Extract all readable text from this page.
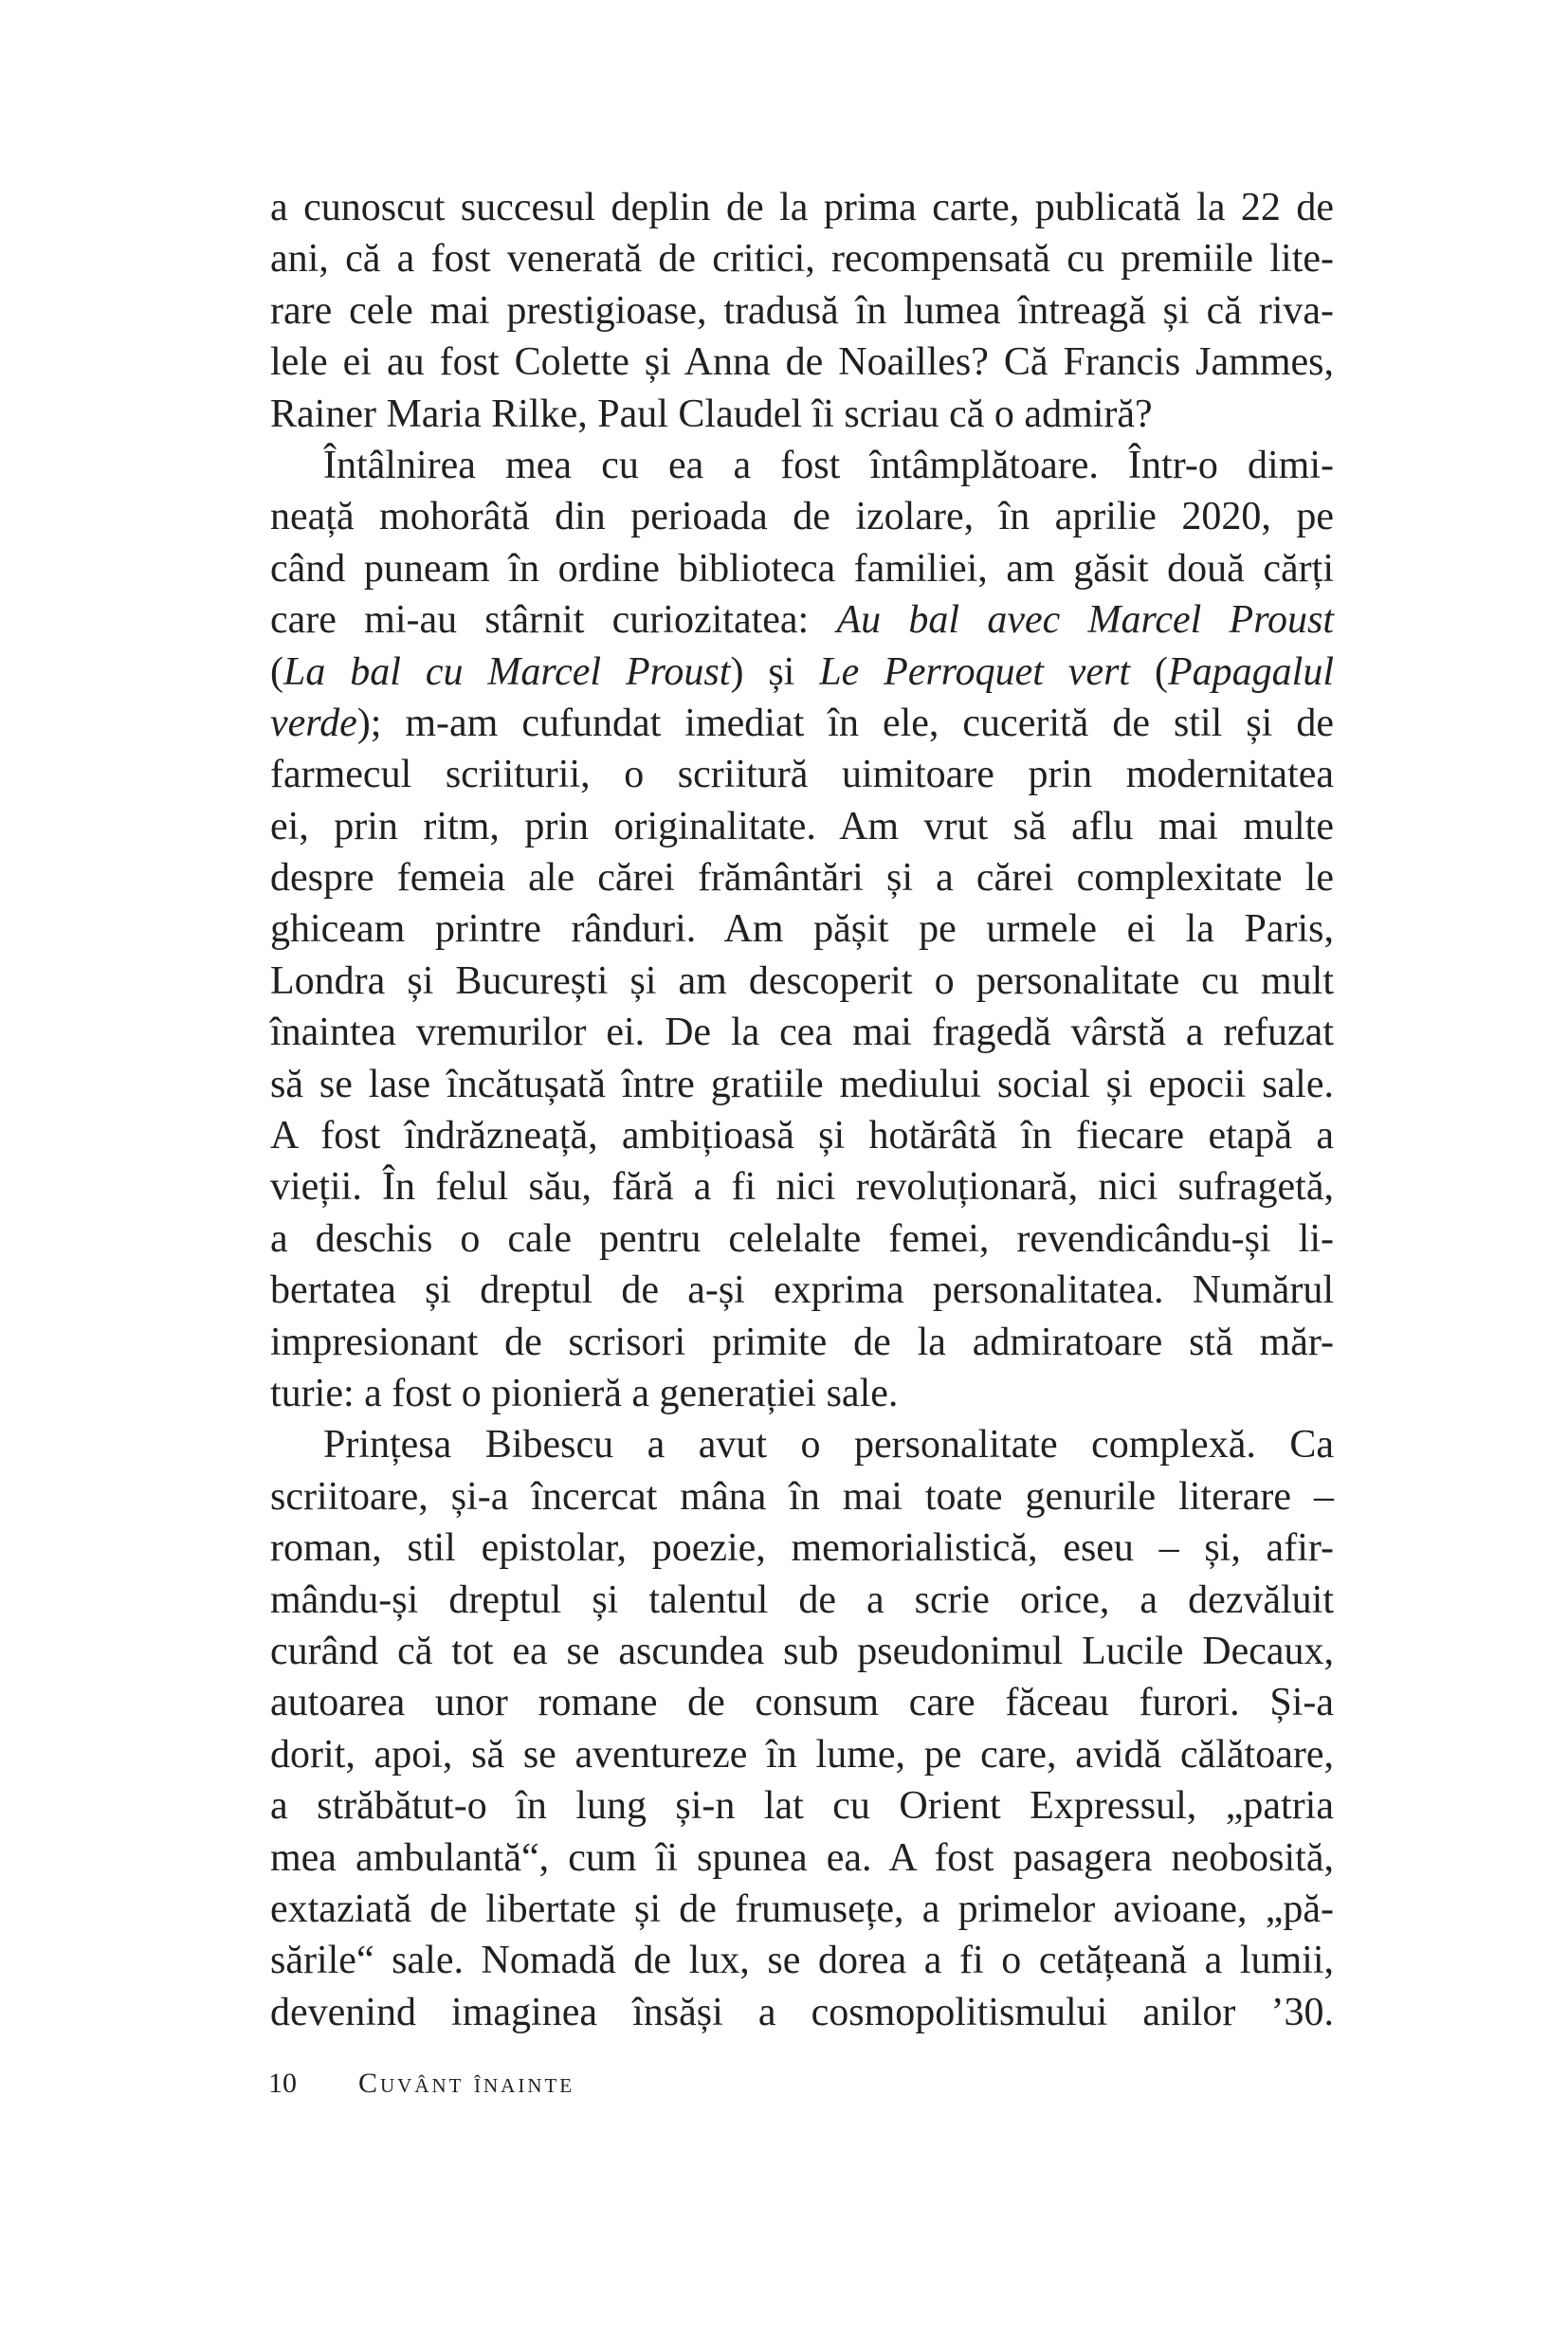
a cunoscut succesul deplin de la prima carte, publicată la 22 de
ani, că a fost venerată de critici, recompensată cu premiile lite-
rare cele mai prestigioase, tradusă în lumea întreagă și că riva-
lele ei au fost Colette și Anna de Noailles? Că Francis Jammes,
Rainer Maria Rilke, Paul Claudel îi scriau că o admiră?
Întâlnirea mea cu ea a fost întâmplătoare. Într-o dimi-
neață mohorâtă din perioada de izolare, în aprilie 2020, pe
când puneam în ordine biblioteca familiei, am găsit două cărți
care mi-au stârnit curiozitatea: Au bal avec Marcel Proust
(La bal cu Marcel Proust) și Le Perroquet vert (Papagalul
verde); m-am cufundat imediat în ele, cucerită de stil și de
farmecul scriiturii, o scriitură uimitoare prin modernitatea
ei, prin ritm, prin originalitate. Am vrut să aflu mai multe
despre femeia ale cărei frământări și a cărei complexitate le
ghiceam printre rânduri. Am pășit pe urmele ei la Paris,
Londra și București și am descoperit o personalitate cu mult
înaintea vremurilor ei. De la cea mai fragedă vârstă a refuzat
să se lase încătușată între gratiile mediului social și epocii sale.
A fost îndrăzneață, ambițioasă și hotărâtă în fiecare etapă a
vieții. În felul său, fără a fi nici revoluționară, nici sufragetă,
a deschis o cale pentru celelalte femei, revendicându-și li-
bertatea și dreptul de a-și exprima personalitatea. Numărul
impresionant de scrisori primite de la admiratoare stă măr-
turie: a fost o pionieră a generației sale.
Prințesa Bibescu a avut o personalitate complexă. Ca
scriitoare, și-a încercat mâna în mai toate genurile literare –
roman, stil epistolar, poezie, memorialistică, eseu – și, afir-
mându-și dreptul și talentul de a scrie orice, a dezvăluit
curând că tot ea se ascundea sub pseudonimul Lucile Decaux,
autoarea unor romane de consum care făceau furori. Și-a
dorit, apoi, să se aventureze în lume, pe care, avidă călătoare,
a străbătut-o în lung și-n lat cu Orient Expressul, „patria
mea ambulantă“, cum îi spunea ea. A fost pasagera neobosită,
extaziată de libertate și de frumusețe, a primelor avioane, „pă-
sările“ sale. Nomadă de lux, se dorea a fi o cetățeană a lumii,
devenind imaginea însăși a cosmopolitismului anilor ’30.
10 Cuvânt înainte
